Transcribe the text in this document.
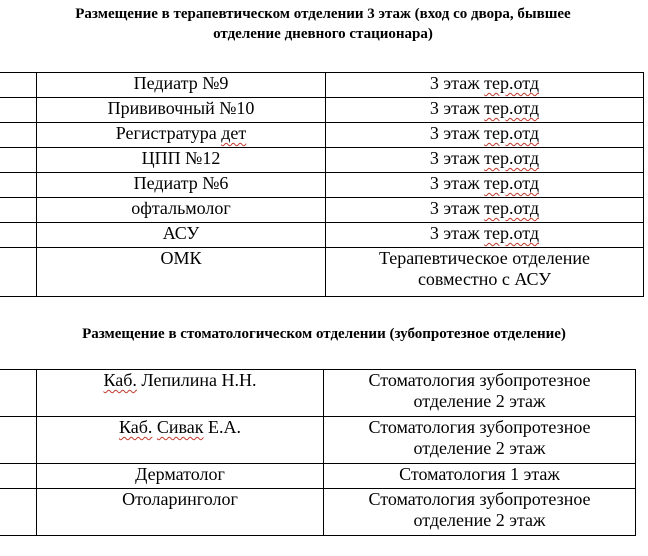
Размещение в терапевтическом отделении 3 этаж (вход со двора, бывшее
отделение дневного стационара)
	Педиатр №9	3 этаж тер.отд
	Прививочный №10	3 этаж тер.отд
	Регистратура дет	3 этаж тер.отд
	ЦПП №12	3 этаж тер.отд
	Педиатр №6	3 этаж тер.отд
	офтальмолог	3 этаж тер.отд
	АСУ	3 этаж тер.отд
	ОМК	Терапевтическое отделение
совместно с АСУ
Размещение в стоматологическом отделении (зубопротезное отделение)
	Каб. Лепилина Н.Н.	Стоматология зубопротезное
отделение 2 этаж

	Каб. Сивак Е.А.	Стоматология зубопротезное
отделение 2 этаж

	Дерматолог	Стоматология 1 этаж
	Отоларинголог	Стоматология зубопротезное
отделение 2 этаж
